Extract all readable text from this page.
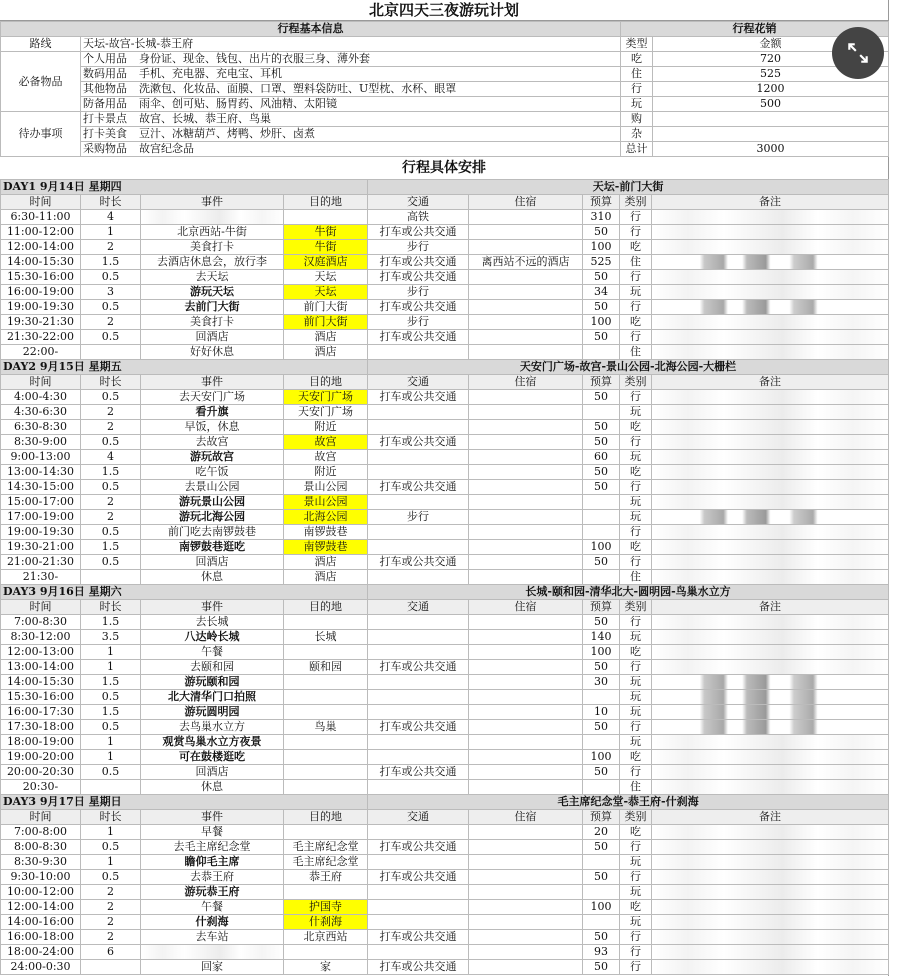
北京四天三夜游玩计划
行程基本信息		行程花销	
路线	天坛-故宫-长城-恭王府	类型	金额
必备物品	个人用品 身份证、现金、钱包、出片的衣服三身、薄外套	吃	720
	数码用品 手机、充电器、充电宝、耳机	住	525
	其他物品 洗漱包、化妆品、面膜、口罩、塑料袋防吐、U型枕、水杯、眼罩	行	1200
	防备用品 雨伞、创可贴、肠胃药、风油精、太阳镜	玩	500
待办事项	打卡景点 故宫、长城、恭王府、鸟巢	购	
	打卡美食 豆汁、冰糖葫芦、烤鸭、炒肝、卤煮	杂	
	采购物品 故宫纪念品	总计	3000
行程具体安排
DAY1 9月14日 星期四				天坛-前门大街				
时间	时长	事件	目的地	交通	住宿	预算	类别	备注
6:30-11:00	4			高铁		310	行	
11:00-12:00	1	北京西站-牛街	牛街	打车或公共交通		50	行	
12:00-14:00	2	美食打卡	牛街	步行		100	吃	
14:00-15:30	1.5	去酒店休息会，放行李	汉庭酒店	打车或公共交通	离西站不远的酒店	525	住	
15:30-16:00	0.5	去天坛	天坛	打车或公共交通		50	行	
16:00-19:00	3	游玩天坛	天坛	步行		34	玩	
19:00-19:30	0.5	去前门大街	前门大街	打车或公共交通		50	行	
19:30-21:30	2	美食打卡	前门大街	步行		100	吃	
21:30-22:00	0.5	回酒店	酒店	打车或公共交通		50	行	
22:00-		好好休息	酒店				住	
DAY2 9月15日 星期五				天安门广场-故宫-景山公园-北海公园-大栅栏				
时间	时长	事件	目的地	交通	住宿	预算	类别	备注
4:00-4:30	0.5	去天安门广场	天安门广场	打车或公共交通		50	行	
4:30-6:30	2	看升旗	天安门广场				玩	
6:30-8:30	2	早饭，休息	附近			50	吃	
8:30-9:00	0.5	去故宫	故宫	打车或公共交通		50	行	
9:00-13:00	4	游玩故宫	故宫			60	玩	
13:00-14:30	1.5	吃午饭	附近			50	吃	
14:30-15:00	0.5	去景山公园	景山公园	打车或公共交通		50	行	
15:00-17:00	2	游玩景山公园	景山公园				玩	
17:00-19:00	2	游玩北海公园	北海公园	步行			玩	
19:00-19:30	0.5	前门吃去南锣鼓巷	南锣鼓巷				行	
19:30-21:00	1.5	南锣鼓巷逛吃	南锣鼓巷			100	吃	
21:00-21:30	0.5	回酒店	酒店	打车或公共交通		50	行	
21:30-		休息	酒店				住	
DAY3 9月16日 星期六				长城-颐和园-清华北大-圆明园-鸟巢水立方				
时间	时长	事件	目的地	交通	住宿	预算	类别	备注
7:00-8:30	1.5	去长城				50	行	
8:30-12:00	3.5	八达岭长城	长城			140	玩	
12:00-13:00	1	午餐				100	吃	
13:00-14:00	1	去颐和园	颐和园	打车或公共交通		50	行	
14:00-15:30	1.5	游玩颐和园				30	玩	
15:30-16:00	0.5	北大清华门口拍照					玩	
16:00-17:30	1.5	游玩圆明园				10	玩	
17:30-18:00	0.5	去鸟巢水立方	鸟巢	打车或公共交通		50	行	
18:00-19:00	1	观赏鸟巢水立方夜景					玩	
19:00-20:00	1	可在鼓楼逛吃				100	吃	
20:00-20:30	0.5	回酒店		打车或公共交通		50	行	
20:30-		休息					住	
DAY3 9月17日 星期日				毛主席纪念堂-恭王府-什刹海				
时间	时长	事件	目的地	交通	住宿	预算	类别	备注
7:00-8:00	1	早餐				20	吃	
8:00-8:30	0.5	去毛主席纪念堂	毛主席纪念堂	打车或公共交通		50	行	
8:30-9:30	1	瞻仰毛主席	毛主席纪念堂				玩	
9:30-10:00	0.5	去恭王府	恭王府	打车或公共交通		50	行	
10:00-12:00	2	游玩恭王府					玩	
12:00-14:00	2	午餐	护国寺			100	吃	
14:00-16:00	2	什刹海	什刹海				玩	
16:00-18:00	2	去车站	北京西站	打车或公共交通		50	行	
18:00-24:00	6					93	行	
24:00-0:30		回家	家	打车或公共交通		50	行	
